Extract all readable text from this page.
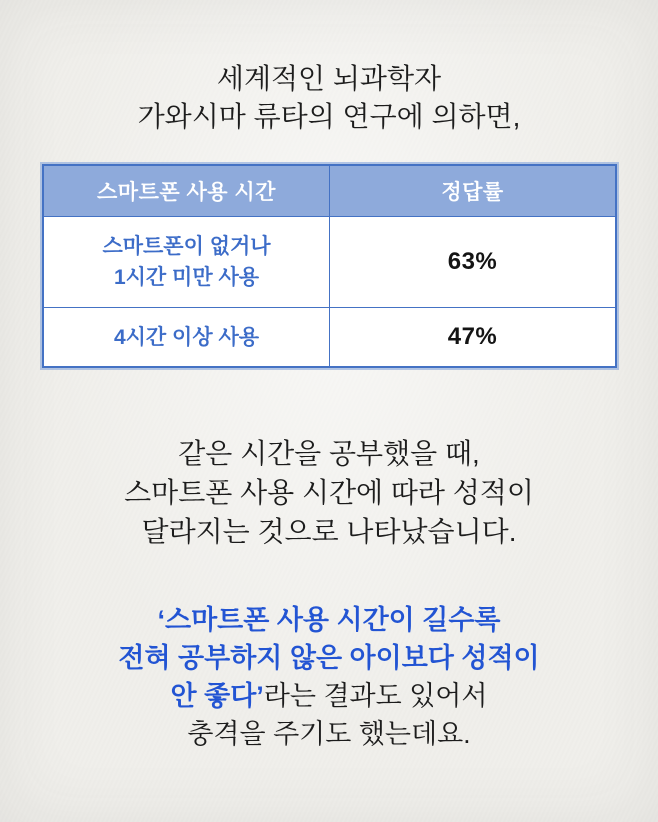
세계적인 뇌과학자
가와시마 류타의 연구에 의하면,
스마트폰 사용 시간	정답률

스마트폰이 없거나
1시간 미만 사용	63%
4시간 이상 사용	47%
같은 시간을 공부했을 때,
스마트폰 사용 시간에 따라 성적이
달라지는 것으로 나타났습니다.
‘스마트폰 사용 시간이 길수록
전혀 공부하지 않은 아이보다 성적이
안 좋다’라는 결과도 있어서
충격을 주기도 했는데요.
